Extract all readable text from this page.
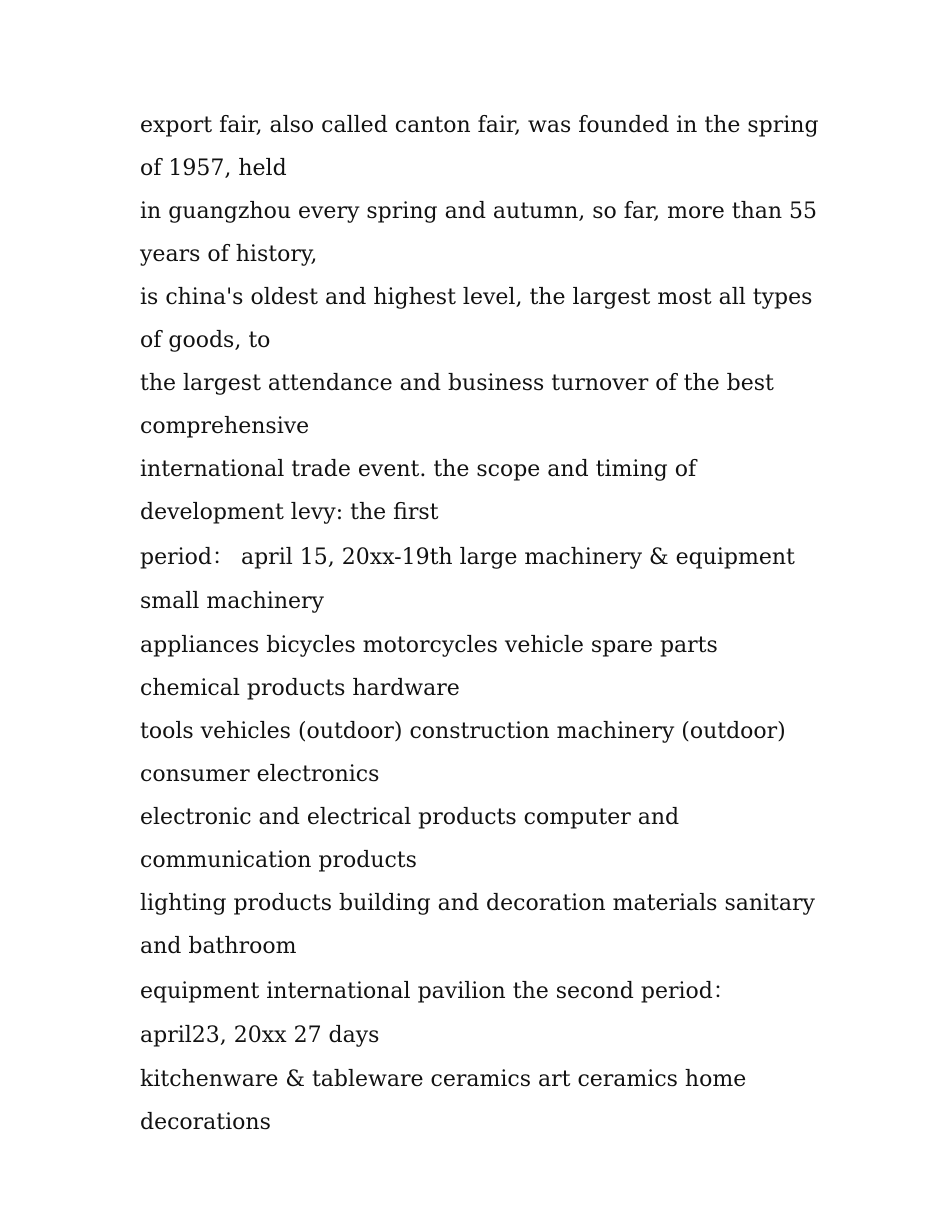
export fair, also called canton fair, was founded in the spring of 1957, held

in guangzhou every spring and autumn, so far, more than 55 years of history,

is china's oldest and highest level, the largest most all types of goods, to

the largest attendance and business turnover of the best comprehensive

international trade event. the scope and timing of development levy: the first

period： april 15, 20xx-19th large machinery & equipment small machinery

appliances bicycles motorcycles vehicle spare parts chemical products hardware

tools vehicles (outdoor) construction machinery (outdoor) consumer electronics

electronic and electrical products computer and communication products

lighting products building and decoration materials sanitary and bathroom

equipment international pavilion the second period： april23, 20xx 27 days

kitchenware & tableware ceramics art ceramics home decorations
